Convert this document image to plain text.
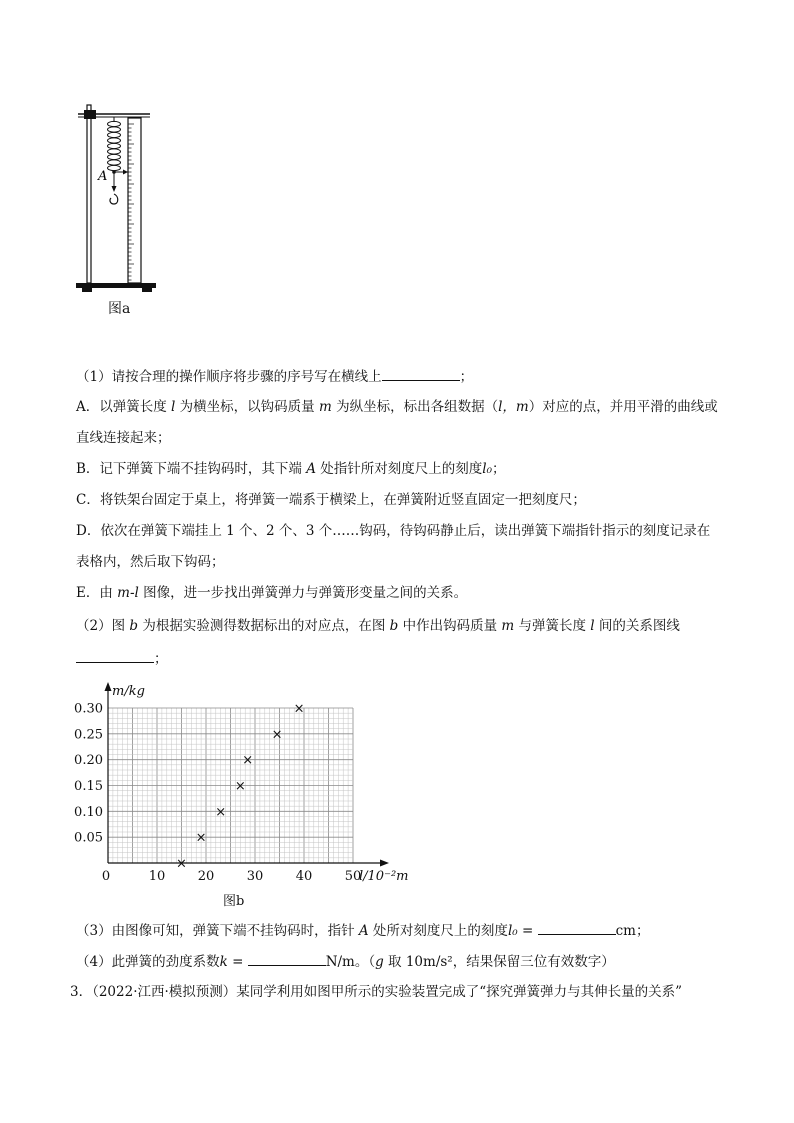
A
图a
（1）请按合理的操作顺序将步骤的序号写在横线上	；
A．以弹簧长度 l 为横坐标，以钩码质量 m 为纵坐标，标出各组数据（l，m）对应的点，并用平滑的曲线或
直线连接起来；
B．记下弹簧下端不挂钩码时，其下端 A 处指针所对刻度尺上的刻度l₀；
C．将铁架台固定于桌上，将弹簧一端系于横梁上，在弹簧附近竖直固定一把刻度尺；
D．依次在弹簧下端挂上 1 个、2 个、3 个……钩码，待钩码静止后，读出弹簧下端指针指示的刻度记录在
表格内，然后取下钩码；
E．由 m-l 图像，进一步找出弹簧弹力与弹簧形变量之间的关系。
（2）图 b 为根据实验测得数据标出的对应点，在图 b 中作出钩码质量 m 与弹簧长度 l 间的关系图线
；
0	10 20 30 40 50
0.05
0.10
0.15
0.20
0.25
0.30
l/10⁻²m
m/kg
图b
×
×
×
×
×
×
×
（3）由图像可知，弹簧下端不挂钩码时，指针 A 处所对刻度尺上的刻度l₀ =	cm；
（4）此弹簧的劲度系数k =	N/m。（g 取 10m/s²，结果保留三位有效数字）
3．（2022·江西·模拟预测）某同学利用如图甲所示的实验装置完成了“探究弹簧弹力与其伸长量的关系”
